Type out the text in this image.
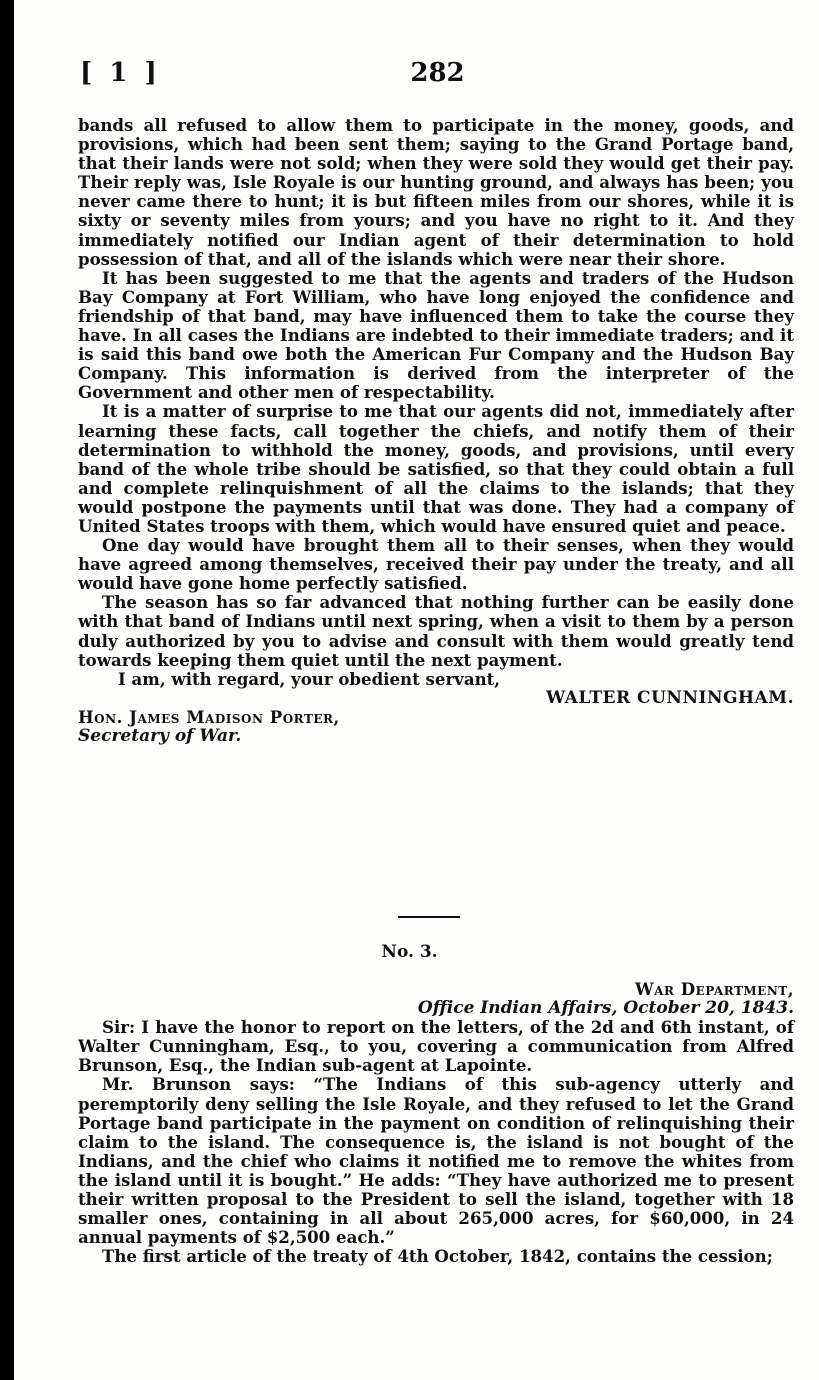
[ 1 ]	282

bands all refused to allow them to participate in the money, goods, and provisions, which had been sent them; saying to the Grand Portage band, that their lands were not sold; when they were sold they would get their pay. Their reply was, Isle Royale is our hunting ground, and always has been; you never came there to hunt; it is but fifteen miles from our shores, while it is sixty or seventy miles from yours; and you have no right to it. And they immediately notified our Indian agent of their determination to hold possession of that, and all of the islands which were near their shore.

It has been suggested to me that the agents and traders of the Hudson Bay Company at Fort William, who have long enjoyed the confidence and friendship of that band, may have influenced them to take the course they have. In all cases the Indians are indebted to their immediate traders; and it is said this band owe both the American Fur Company and the Hudson Bay Company. This information is derived from the interpreter of the Government and other men of respectability.

It is a matter of surprise to me that our agents did not, immediately after learning these facts, call together the chiefs, and notify them of their determination to withhold the money, goods, and provisions, until every band of the whole tribe should be satisfied, so that they could obtain a full and complete relinquishment of all the claims to the islands; that they would postpone the payments until that was done. They had a company of United States troops with them, which would have ensured quiet and peace.

One day would have brought them all to their senses, when they would have agreed among themselves, received their pay under the treaty, and all would have gone home perfectly satisfied.

The season has so far advanced that nothing further can be easily done with that band of Indians until next spring, when a visit to them by a person duly authorized by you to advise and consult with them would greatly tend towards keeping them quiet until the next payment.

I am, with regard, your obedient servant,

WALTER CUNNINGHAM.

Hon. James Madison Porter,

Secretary of War.

No. 3.

War Department,

Office Indian Affairs, October 20, 1843.

Sir: I have the honor to report on the letters, of the 2d and 6th instant, of Walter Cunningham, Esq., to you, covering a communication from Alfred Brunson, Esq., the Indian sub-agent at Lapointe.

Mr. Brunson says: “The Indians of this sub-agency utterly and peremptorily deny selling the Isle Royale, and they refused to let the Grand Portage band participate in the payment on condition of relinquishing their claim to the island. The consequence is, the island is not bought of the Indians, and the chief who claims it notified me to remove the whites from the island until it is bought.” He adds: “They have authorized me to present their written proposal to the President to sell the island, together with 18 smaller ones, containing in all about 265,000 acres, for $60,000, in 24 annual payments of $2,500 each.”

The first article of the treaty of 4th October, 1842, contains the cession;
